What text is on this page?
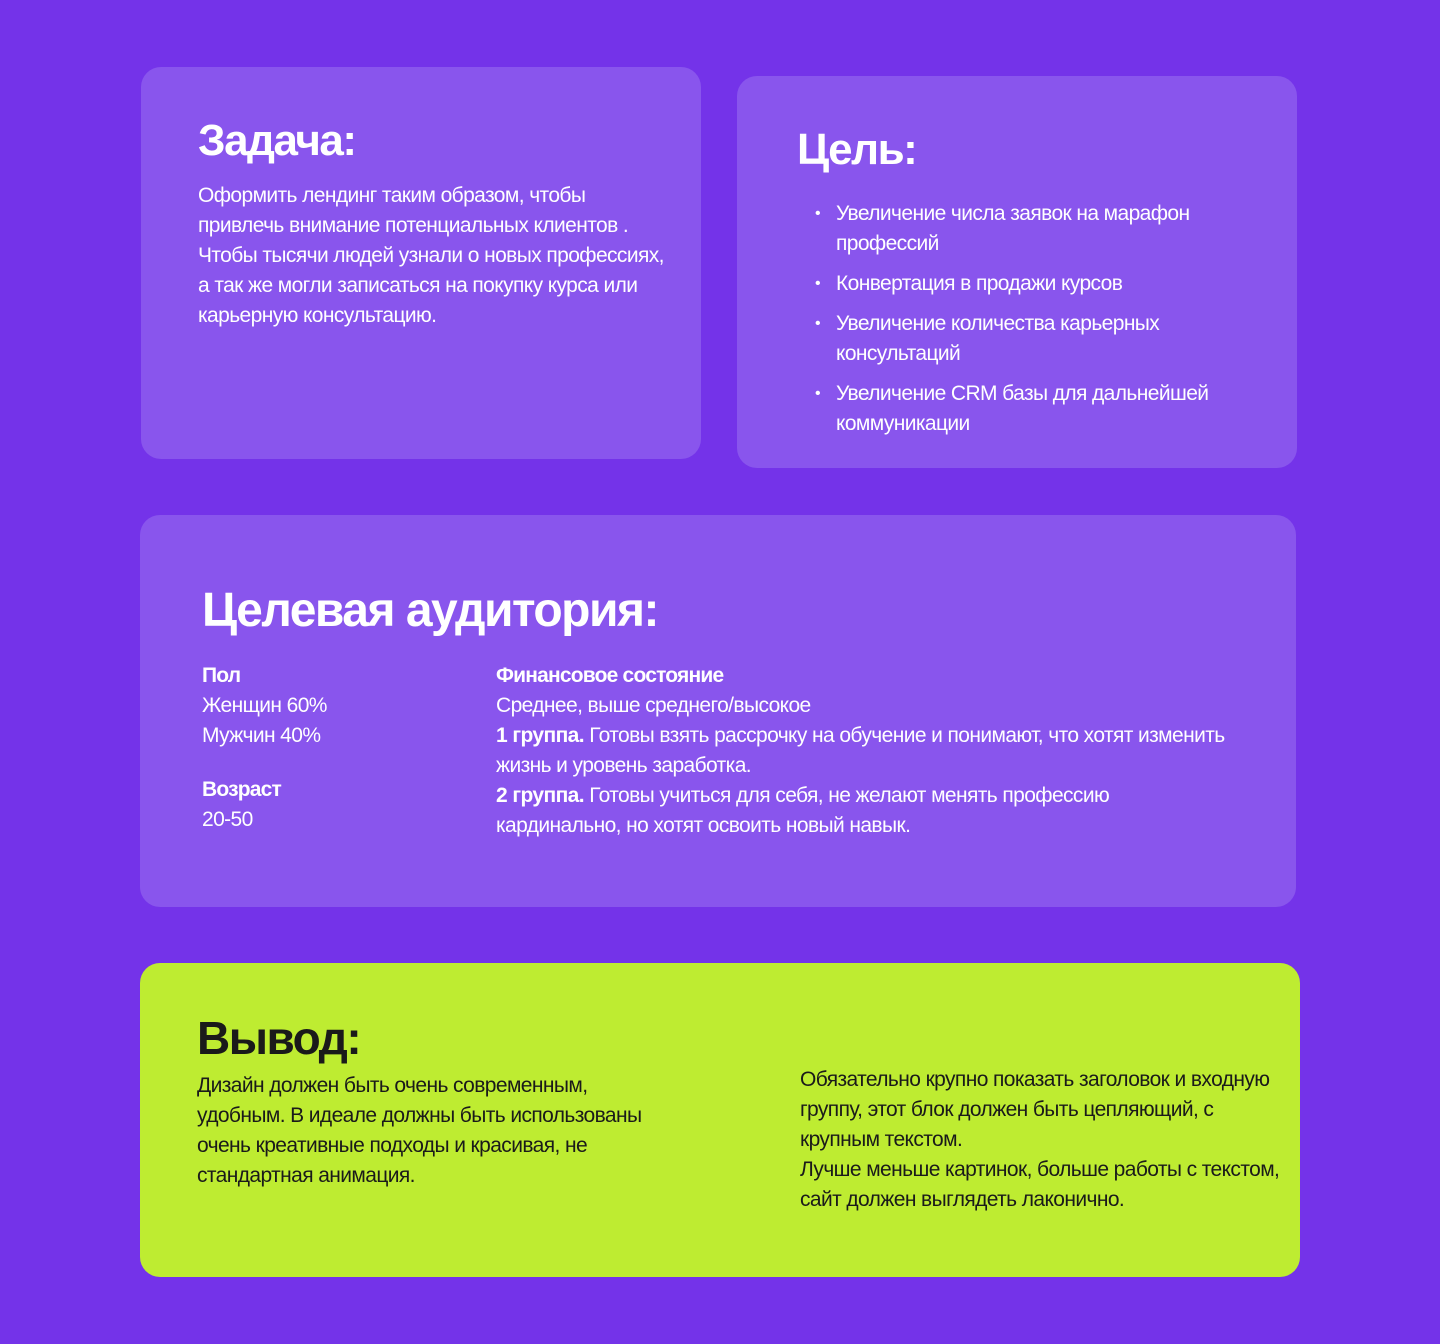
Задача:

Оформить лендинг таким образом, чтобы привлечь внимание потенциальных клиентов . Чтобы тысячи людей узнали о новых профессиях, а так же могли записаться на покупку курса или карьерную консультацию.

Цель:
• Увеличение числа заявок на марафон профессий
• Конвертация в продажи курсов
• Увеличение количества карьерных консультаций
• Увеличение CRM базы для дальнейшей коммуникации
Целевая аудитория:

Пол

Женщин 60%

Мужчин 40%

Возраст

20-50

Финансовое состояние

Среднее, выше среднего/высокое

1 группа. Готовы взять рассрочку на обучение и понимают, что хотят изменить жизнь и уровень заработка.

2 группа. Готовы учиться для себя, не желают менять профессию кардинально, но хотят освоить новый навык.

Вывод:

Дизайн должен быть очень современным, удобным. В идеале должны быть использованы очень креативные подходы и красивая, не стандартная анимация.

Обязательно крупно показать заголовок и входную группу, этот блок должен быть цепляющий, с крупным текстом.

Лучше меньше картинок, больше работы с текстом, сайт должен выглядеть лаконично.
